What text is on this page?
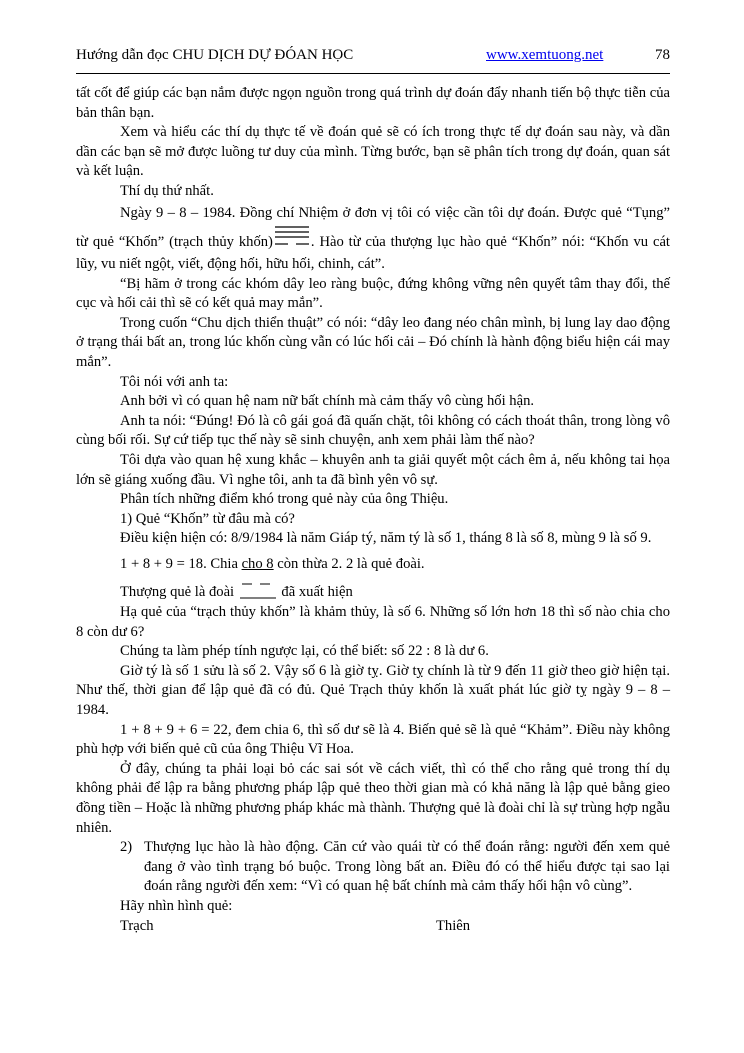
Hướng dẫn đọc CHU DỊCH DỰ ĐÓAN HỌC	www.xemtuong.net	78

tất cốt để giúp các bạn nắm được ngọn nguồn trong quá trình dự đoán đẩy nhanh tiến bộ thực tiễn của bản thân bạn.

Xem và hiểu các thí dụ thực tế về đoán quẻ sẽ có ích trong thực tế dự đoán sau này, và dần dần các bạn sẽ mở được luồng tư duy của mình. Từng bước, bạn sẽ phân tích trong dự đoán, quan sát và kết luận.

Thí dụ thứ nhất.

Ngày 9 – 8 – 1984. Đồng chí Nhiệm ở đơn vị tôi có việc cần tôi dự đoán. Được quẻ “Tụng” từ quẻ “Khốn” (trạch thủy khốn)	. Hào từ của thượng lục hào quẻ “Khốn” nói: “Khốn vu cát lũy, vu niết ngột, viết, động hối, hữu hối, chinh, cát”.

“Bị hãm ở trong các khóm dây leo ràng buộc, đứng không vững nên quyết tâm thay đổi, thế cục và hối cải thì sẽ có kết quả may mắn”.

Trong cuốn “Chu dịch thiển thuật” có nói: “dây leo đang néo chân mình, bị lung lay dao động ở trạng thái bất an, trong lúc khốn cùng vẫn có lúc hối cải – Đó chính là hành động biểu hiện cái may mắn”.

Tôi nói với anh ta:

Anh bởi vì có quan hệ nam nữ bất chính mà cảm thấy vô cùng hối hận.

Anh ta nói: “Đúng! Đó là cô gái goá đã quấn chặt, tôi không có cách thoát thân, trong lòng vô cùng bối rối. Sự cứ tiếp tục thế này sẽ sinh chuyện, anh xem phải làm thế nào?

Tôi dựa vào quan hệ xung khắc – khuyên anh ta giải quyết một cách êm ả, nếu không tai họa lớn sẽ giáng xuống đầu. Vì nghe tôi, anh ta đã bình yên vô sự.

Phân tích những điểm khó trong quẻ này của ông Thiệu.

1) Quẻ “Khốn” từ đâu mà có?

Điều kiện hiện có: 8/9/1984 là năm Giáp tý, năm tý là số 1, tháng 8 là số 8, mùng 9 là số 9.

1 + 8 + 9 = 18. Chia cho 8 còn thừa 2. 2 là quẻ đoài.

Thượng quẻ là đoài	đã xuất hiện

Hạ quẻ của “trạch thủy khốn” là khảm thủy, là số 6. Những số lớn hơn 18 thì số nào chia cho 8 còn dư 6?

Chúng ta làm phép tính ngược lại, có thể biết: số 22 : 8 là dư 6.

Giờ tý là số 1 sửu là số 2. Vậy số 6 là giờ tỵ. Giờ tỵ chính là từ 9 đến 11 giờ theo giờ hiện tại. Như thế, thời gian để lập quẻ đã có đủ. Quẻ Trạch thủy khốn là xuất phát lúc giờ tỵ ngày 9 – 8 – 1984.

1 + 8 + 9 + 6 = 22, đem chia 6, thì số dư sẽ là 4. Biến quẻ sẽ là quẻ “Khảm”. Điều này không phù hợp với biến quẻ cũ của ông Thiệu Vĩ Hoa.

Ở đây, chúng ta phải loại bỏ các sai sót về cách viết, thì có thể cho rằng quẻ trong thí dụ không phải để lập ra bằng phương pháp lập quẻ theo thời gian mà có khả năng là lập quẻ bằng gieo đồng tiền – Hoặc là những phương pháp khác mà thành. Thượng quẻ là đoài chỉ là sự trùng hợp ngẫu nhiên.

2) Thượng lục hào là hào động. Căn cứ vào quái từ có thể đoán rằng: người đến xem quẻ đang ở vào tình trạng bó buộc. Trong lòng bất an. Điều đó có thể hiểu được tại sao lại đoán rằng người đến xem: “Vì có quan hệ bất chính mà cảm thấy hối hận vô cùng”.

Hãy nhìn hình quẻ:

Trạch	Thiên
